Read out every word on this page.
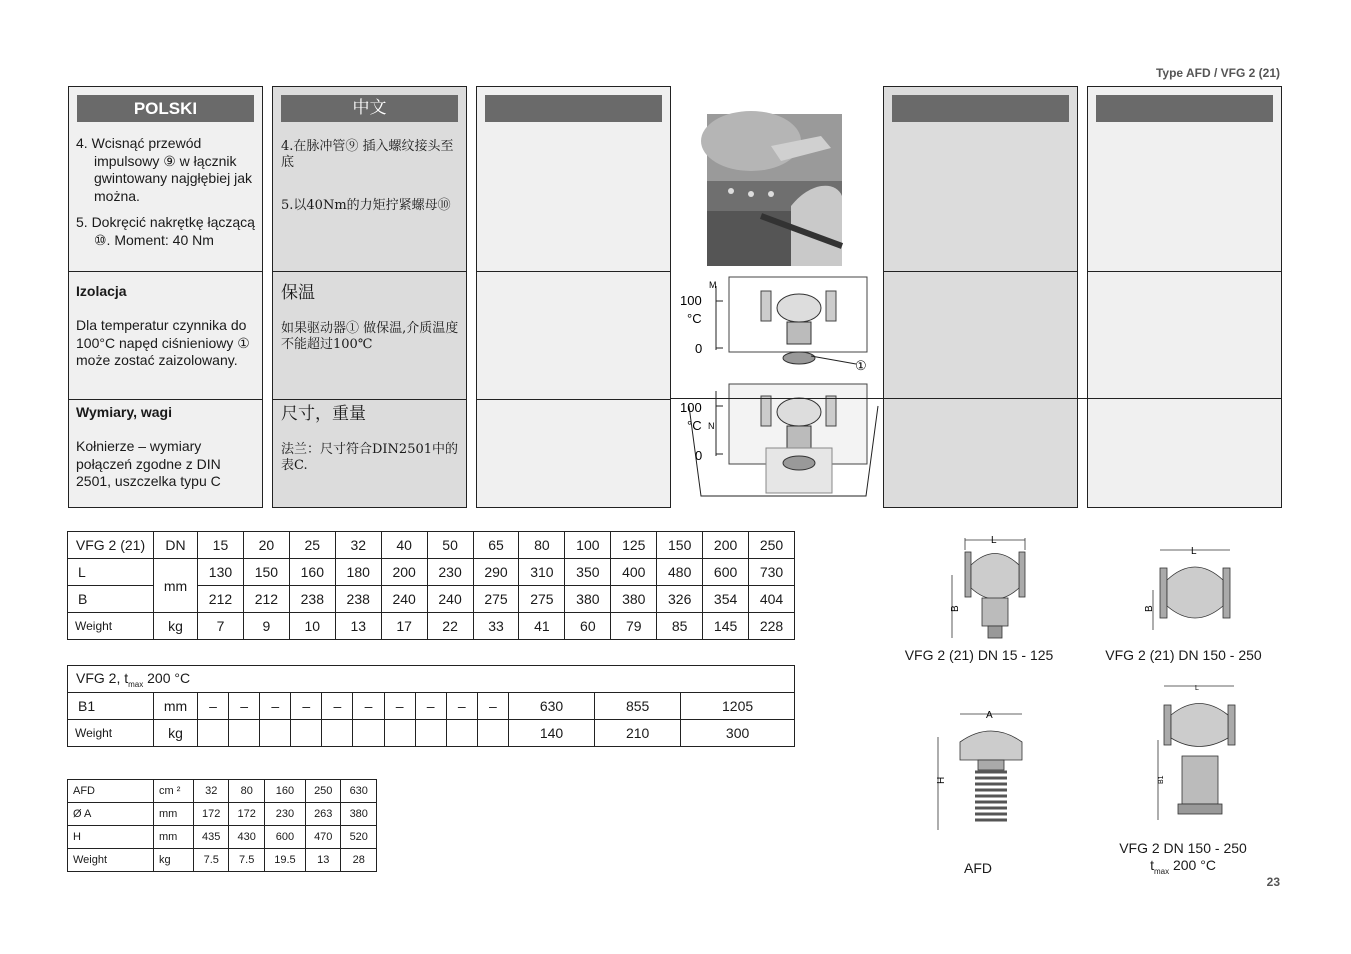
Type AFD / VFG 2 (21)
POLSKI
4. Wcisnąć przewód impulsowy ⑨ w łącznik gwintowany najgłębiej jak można.
5. Dokręcić nakrętkę łączącą ⑩. Moment: 40 Nm
Izolacja
Dla temperatur czynnika do 100°C napęd ciśnieniowy ① może zostać zaizolowany.
Wymiary, wagi
Kołnierze – wymiary połączeń zgodne z DIN 2501, uszczelka typu C
中文
4.在脉冲管⑨ 插入螺纹接头至底
5.以40Nm的力矩拧紧螺母⑩
保温
如果驱动器① 做保温,介质温度不能超过100℃
尺寸，重量
法兰：尺寸符合DIN2501中的表C.
100
°C
0
M
①
100
°C N
0
VFG 2 (21)	DN	15	20	25	32	40	50	65	80	100	125	150	200	250
L	mm	130	150	160	180	200	230	290	310	350	400	480	600	730
B		212	212	238	238	240	240	275	275	380	380	326	354	404
Weight	kg	7	9	10	13	17	22	33	41	60	79	85	145	228
VFG 2, $t_{max}$ 200 °C														
B1	mm	–	–	–	–	–	–	–	–	–	–	630	855	1205
Weight	kg											140	210	300
AFD	cm ²	32	80	160	250	630
Ø A	mm	172	172	230	263	380
H	mm	435	430	600	470	520
Weight	kg	7.5	7.5	19.5	13	28
L
B
VFG 2 (21) DN 15 - 125
L
B
VFG 2 (21) DN 150 - 250
A
H
AFD
L
B1
VFG 2 DN 150 - 250
$t_{max}$ 200 °C
23
